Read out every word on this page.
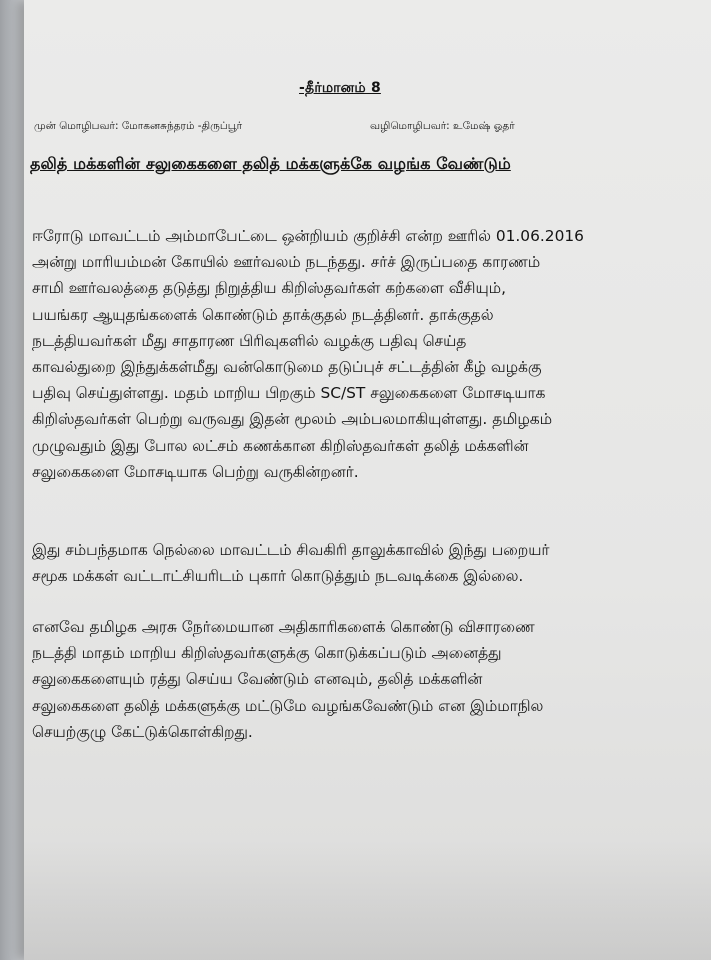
-தீர்மானம் 8
முன் மொழிபவர்: மோகனசுந்தரம் -திருப்பூர்	வழிமொழிபவர்: உமேஷ் ஓதர்
தலித் மக்களின் சலுகைகளை தலித் மக்களுக்கே வழங்க வேண்டும்
ஈரோடு மாவட்டம் அம்மாபேட்டை ஒன்றியம் குறிச்சி என்ற ஊரில் 01.06.2016
அன்று மாரியம்மன் கோயில் ஊர்வலம் நடந்தது. சர்ச் இருப்பதை காரணம்
சாமி ஊர்வலத்தை தடுத்து நிறுத்திய கிறிஸ்தவர்கள் கற்களை வீசியும்,
பயங்கர ஆயுதங்களைக் கொண்டும் தாக்குதல் நடத்தினர். தாக்குதல்
நடத்தியவர்கள் மீது சாதாரண பிரிவுகளில் வழக்கு பதிவு செய்த
காவல்துறை இந்துக்கள்மீது வன்கொடுமை தடுப்புச் சட்டத்தின் கீழ் வழக்கு
பதிவு செய்துள்ளது. மதம் மாறிய பிறகும் SC/ST சலுகைகளை மோசடியாக
கிறிஸ்தவர்கள் பெற்று வருவது இதன் மூலம் அம்பலமாகியுள்ளது. தமிழகம்
முழுவதும் இது போல லட்சம் கணக்கான கிறிஸ்தவர்கள் தலித் மக்களின்
சலுகைகளை மோசடியாக பெற்று வருகின்றனர்.
இது சம்பந்தமாக நெல்லை மாவட்டம் சிவகிரி தாலுக்காவில் இந்து பறையர்
சமூக மக்கள் வட்டாட்சியரிடம் புகார் கொடுத்தும் நடவடிக்கை இல்லை.
எனவே தமிழக அரசு நேர்மையான அதிகாரிகளைக் கொண்டு விசாரணை
நடத்தி மாதம் மாறிய கிறிஸ்தவர்களுக்கு கொடுக்கப்படும் அனைத்து
சலுகைகளையும் ரத்து செய்ய வேண்டும் எனவும், தலித் மக்களின்
சலுகைகளை தலித் மக்களுக்கு மட்டுமே வழங்கவேண்டும் என இம்மாநில
செயற்குழு கேட்டுக்கொள்கிறது.
